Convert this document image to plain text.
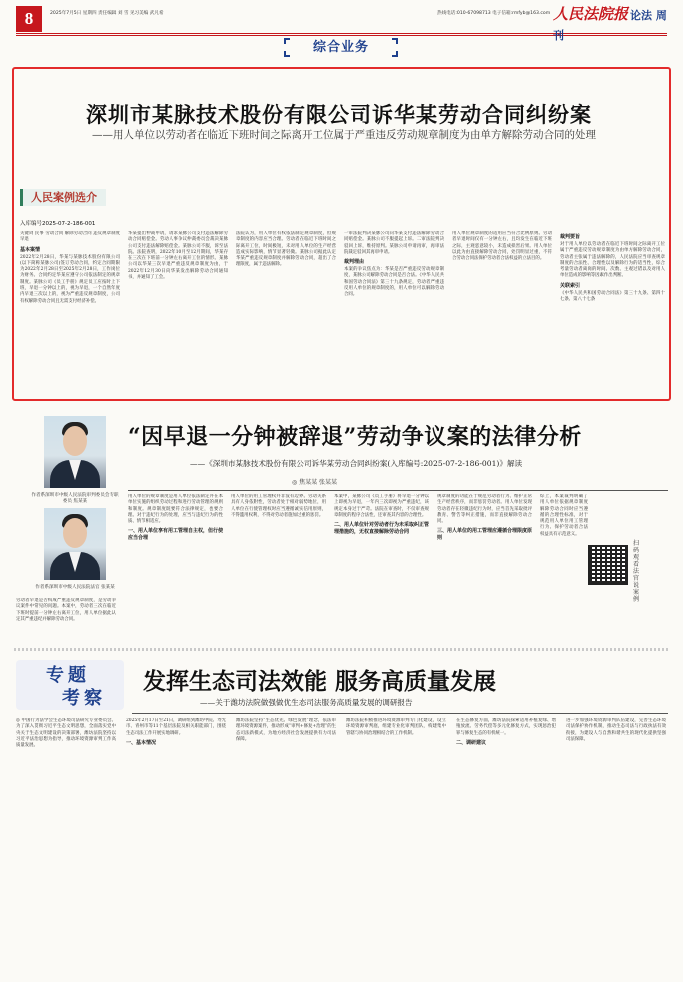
8	2025年7月5日 星期四 责任编辑 刘 雪 见习美编 武凡希	热线电话:010-67098713 电子信箱:rmfyb@163.com
综合业务
人民法院报 论法 周刊
深圳市某脉技术股份有限公司诉华某劳动合同纠纷案
——用人单位以劳动者在临近下班时间之际离开工位属于严重违反劳动规章制度为由单方解除劳动合同的处理
人民案例选介
入库编号2025-07-2-186-001

关键词 民事 劳动合同 解除劳动合同 违反规章制度 早退

基本案情

2022年2月28日，华某与某脉技术股份有限公司(以下简称某脉公司)签订劳动合同，约定合同期限为2022年2月28日至2025年2月28日，工作岗位为财务。合同约定华某应遵守公司依法制定的规章制度。某脉公司《员工手册》规定员工应按时上下班，早退一分钟以上的，视为早退，一个自然年度内早退三次以上的，视为严重违反规章制度，公司有权解除劳动合同且无需支付经济补偿。

华某提出仲裁申请，请求某脉公司支付违法解除劳动合同赔偿金。劳动人事争议仲裁委员会裁决某脉公司支付违法解除赔偿金。某脉公司不服，诉至法院。法院查明，2022年10月至12月期间，华某存在三次在下班前一分钟左右离开工位的情形。某脉公司以华某三次早退严重违反规章制度为由，于2022年12月30日向华某发出解除劳动合同通知书，并通知了工会。

法院认为，用人单位有权依法制定规章制度，但规章制度的内容应当合理。劳动者在临近下班时间之际离开工位，时间极短，未对用人单位的生产经营造成实际影响，情节显著轻微。某脉公司据此认定华某严重违反规章制度并解除劳动合同，超出了合理限度，属于违法解除。

一审法院判决某脉公司向华某支付违法解除劳动合同赔偿金。某脉公司不服提起上诉。二审法院判决驳回上诉，维持原判。某脉公司申请再审，再审法院裁定驳回其再审申请。

裁判理由

本案的争议焦点为：华某是否严重违反劳动规章制度，某脉公司解除劳动合同是否合法。《中华人民共和国劳动合同法》第三十九条规定，劳动者严重违反用人单位的规章制度的，用人单位可以解除劳动合同。

用人单位规章制度的适用应当符合比例原则。劳动者早退时间仅有一分钟左右，且均发生在临近下班之际，主观恶意较小，未造成损害后果。用人单位以此为由直接解除劳动合同，处罚明显过重，不符合劳动合同法保护劳动者合法权益的立法目的。

裁判要旨

对于用人单位以劳动者在临近下班时间之际离开工位属于严重违反劳动规章制度为由单方解除劳动合同，劳动者主张属于违法解除的，人民法院应当审查规章制度的合法性、合理性以及解除行为的适当性，综合考量劳动者离岗的时间、次数、主观过错以及对用人单位造成的影响等因素作出判断。

关联索引

《中华人民共和国劳动合同法》第三十九条、第四十七条、第八十七条

“因早退一分钟被辞退”劳动争议案的法律分析
——《深圳市某脉技术股份有限公司诉华某劳动合同纠纷案(入库编号:2025-07-2-186-001)》解读
◎ 焦某某 张某某
作者系深圳市中级人民法院审判委员会专职委员 焦某某
作者系深圳市中级人民法院法官 张某某

劳动者早退是否构成严重违反规章制度，是劳动争议案件中常见的问题。本案中，劳动者三次在临近下班时提前一分钟左右离开工位，用人单位据此认定其严重违纪并解除劳动合同。

用人单位的规章制度是用人单位依法制定并在本单位实施的组织劳动过程和进行劳动管理的规则和制度。规章制度既要符合法律规定，也要合理。对于违纪行为的处理，应当与违纪行为的性质、情节相适应。

一、用人单位享有用工管理自主权，但行使应当合理

用人单位的用工管理权并非没有边界。劳动关系具有人身依附性，劳动者处于相对弱势地位，用人单位在行使管理权时应当遵循诚实信用原则，不得滥用权利，不得对劳动者施加过重的惩罚。

本案中，某脉公司《员工手册》将早退一分钟以上即视为早退，一年内三次即视为严重违纪，该规定本身过于严苛。法院在审查时，不仅审查规章制度的程序合法性，还审查其内容的合理性。

二、用人单位针对劳动者行为未采取纠正管理措施的，无权直接解除劳动合同

规章制度的功能在于规范劳动者行为、维护正常生产经营秩序，而非惩罚劳动者。用人单位发现劳动者存在轻微违纪行为时，应当首先采取批评教育、警告等纠正措施，而非直接解除劳动合同。

三、用人单位的用工管理应遵循合理限度原则

综上，本案裁判明确了用人单位依据规章制度解除劳动合同时应当遵循的合理性标准，对于规范用人单位用工管理行为、保护劳动者合法权益具有示范意义。

扫码观看法官说案例
专题
考察
发挥生态司法效能 服务高质量发展
——关于潍坊法院做强做优生态司法服务高质量发展的调研报告

◎ 中国行为法学会生态环境司法研究专业委员会。为了深入贯彻习近平生态文明思想，全面落实党中央关于生态文明建设的决策部署，潍坊法院坚持以习近平法治思想为指导，推动环境资源审判工作高质量发展。

2025年2月17日至21日，调研组到潍坊中院、寿光市、青州市等11个基层法院及相关职能部门，围绕生态司法工作开展实地调研。

一、基本情况

潍坊法院坚持“生态优先、绿色发展”理念，依法审理环境资源案件，推动形成“审判+修复+治理”的生态司法新模式，为地方经济社会发展提供有力司法保障。

潍坊法院积极推进环境资源审判专门化建设，设立环境资源审判庭，组建专业化审判团队，构建集中管辖与协同治理相结合的工作机制。

在生态修复方面，潍坊法院探索适用补植复绿、增殖放流、劳务代偿等多元化修复方式，实现惩治犯罪与修复生态的有机统一。

二、调研建议

进一步加强环境资源审判队伍建设，完善生态环境司法保护协作机制，推动生态司法与行政执法有效衔接，为建设人与自然和谐共生的现代化提供坚强司法保障。
